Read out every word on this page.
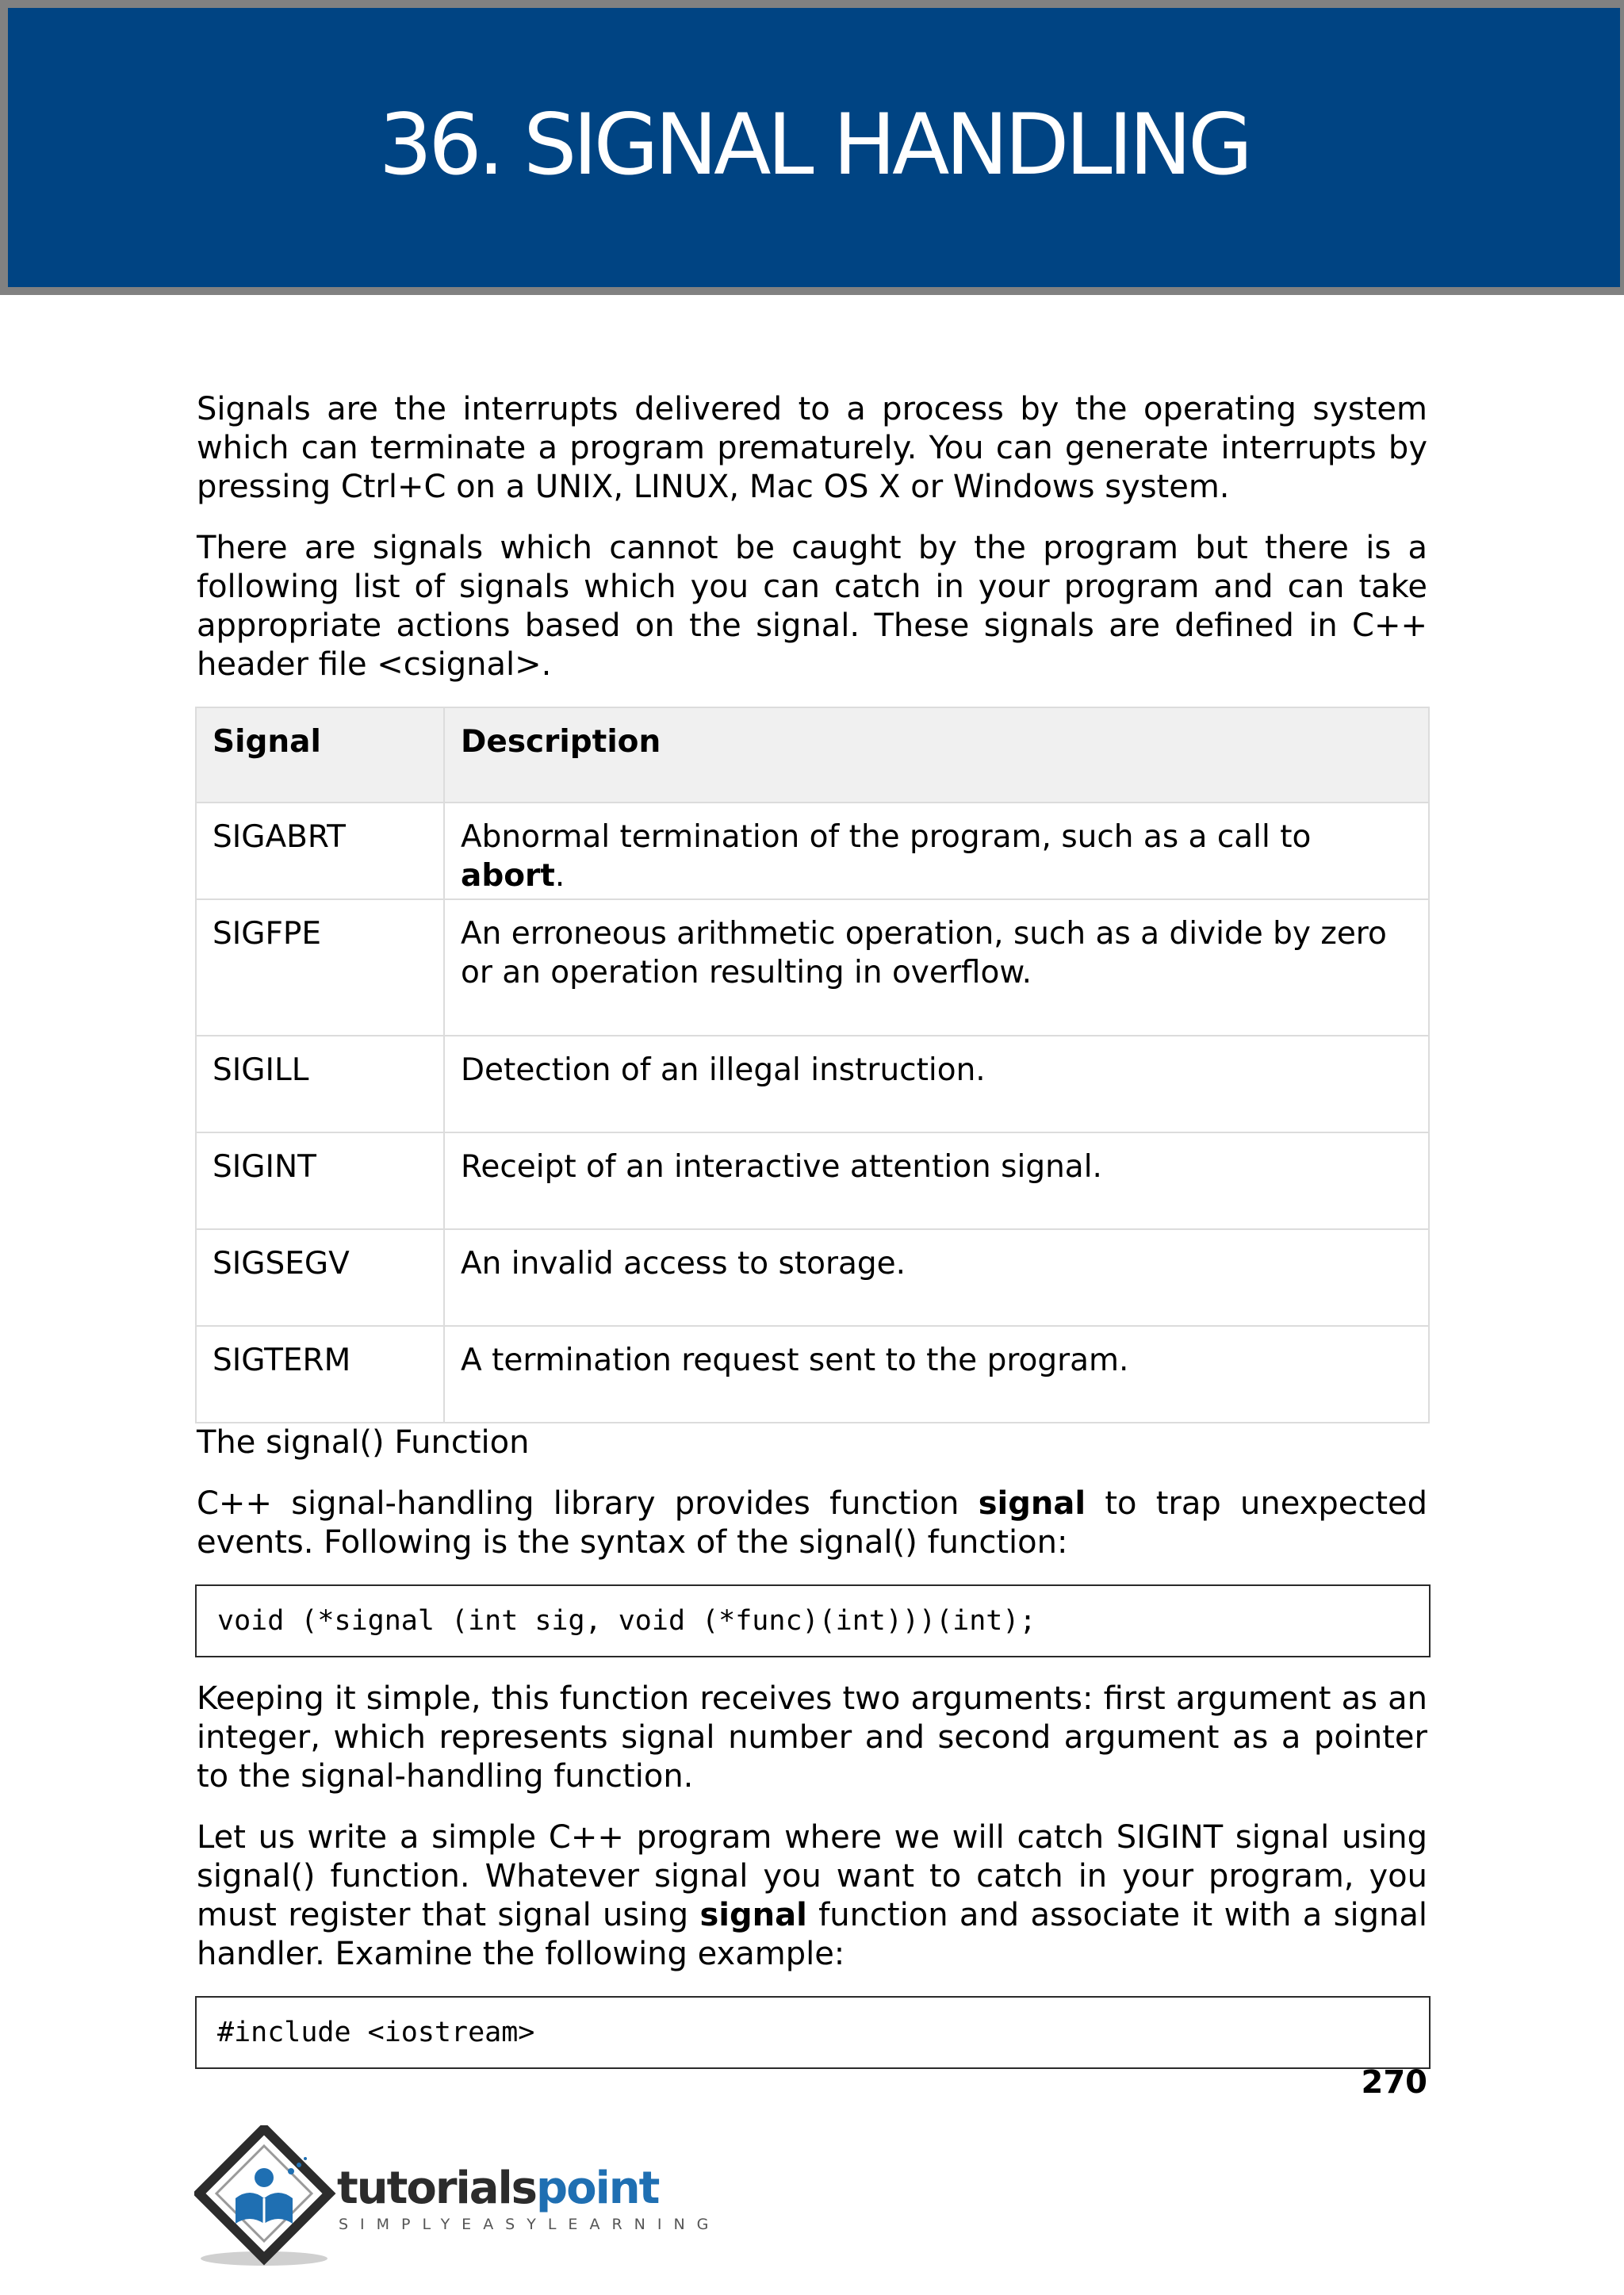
36. SIGNAL HANDLING

Signals are the interrupts delivered to a process by the operating system which can terminate a program prematurely. You can generate interrupts by pressing Ctrl+C on a UNIX, LINUX, Mac OS X or Windows system.

There are signals which cannot be caught by the program but there is a following list of signals which you can catch in your program and can take appropriate actions based on the signal. These signals are defined in C++ header file <csignal>.

Signal	Description
SIGABRT	Abnormal termination of the program, such as a call to abort.
SIGFPE	An erroneous arithmetic operation, such as a divide by zero or an operation resulting in overflow.
SIGILL	Detection of an illegal instruction.
SIGINT	Receipt of an interactive attention signal.
SIGSEGV	An invalid access to storage.
SIGTERM	A termination request sent to the program.
The signal() Function

C++ signal-handling library provides function signal to trap unexpected events. Following is the syntax of the signal() function:

void (*signal (int sig, void (*func)(int)))(int);

Keeping it simple, this function receives two arguments: first argument as an integer, which represents signal number and second argument as a pointer to the signal-handling function.

Let us write a simple C++ program where we will catch SIGINT signal using signal() function. Whatever signal you want to catch in your program, you must register that signal using signal function and associate it with a signal handler. Examine the following example:

#include <iostream>
270
tutorialspoint
SIMPLYEASYLEARNING
